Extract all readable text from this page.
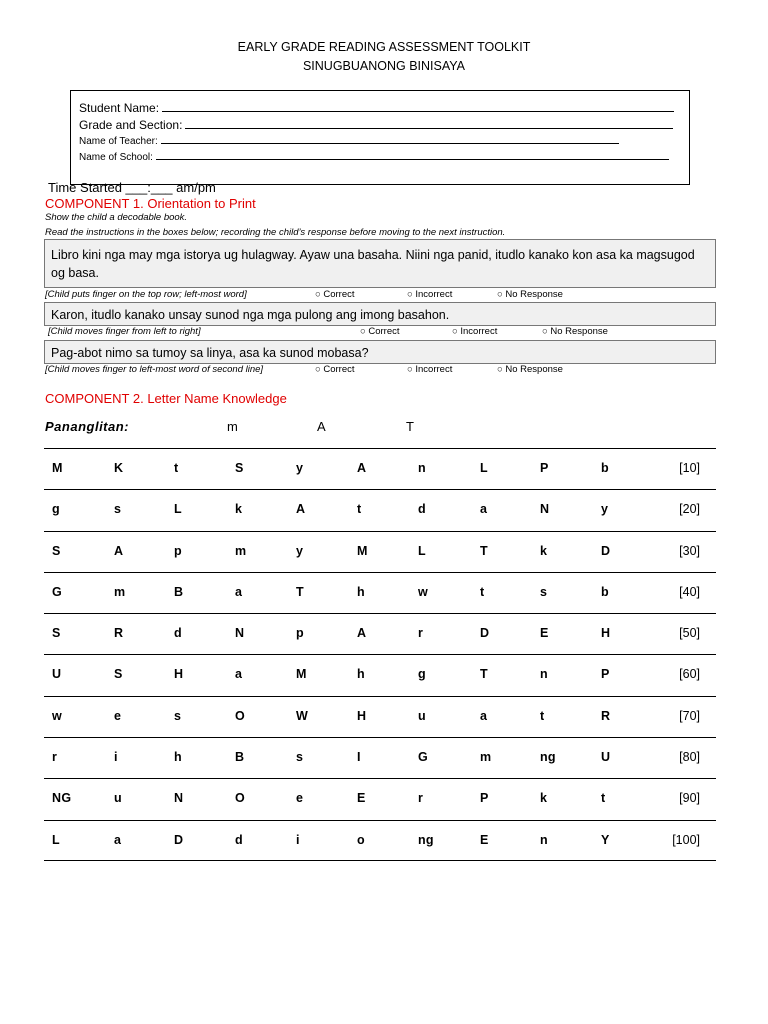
EARLY GRADE READING ASSESSMENT TOOLKIT
SINUGBUANONG BINISAYA
Student Name:
Grade and Section:
Name of Teacher:
Name of School:
Time Started ___:___ am/pm
COMPONENT 1. Orientation to Print
Show the child a decodable book.
Read the instructions in the boxes below; recording the child’s response before moving to the next instruction.
Libro kini nga may mga istorya ug hulagway. Ayaw una basaha. Niini nga panid, itudlo kanako kon asa ka magsugod og basa.
[Child puts finger on the top row; left-most word]	○ Correct	○ Incorrect	○ No Response
Karon, itudlo kanako unsay sunod nga mga pulong ang imong basahon.
[Child moves finger from left to right]	○ Correct	○ Incorrect	○ No Response
Pag-abot nimo sa tumoy sa linya, asa ka sunod mobasa?
[Child moves finger to left-most word of second line]	○ Correct	○ Incorrect	○ No Response
COMPONENT 2. Letter Name Knowledge
Pananglitan:	m	A	T
M	K	t	S	y	A	n	L	P	b	[10]
g	s	L	k	A	t	d	a	N	y	[20]
S	A	p	m	y	M	L	T	k	D	[30]
G	m	B	a	T	h	w	t	s	b	[40]
S	R	d	N	p	A	r	D	E	H	[50]
U	S	H	a	M	h	g	T	n	P	[60]
w	e	s	O	W	H	u	a	t	R	[70]
r	i	h	B	s	I	G	m	ng	U	[80]
NG	u	N	O	e	E	r	P	k	t	[90]
L	a	D	d	i	o	ng	E	n	Y	[100]
